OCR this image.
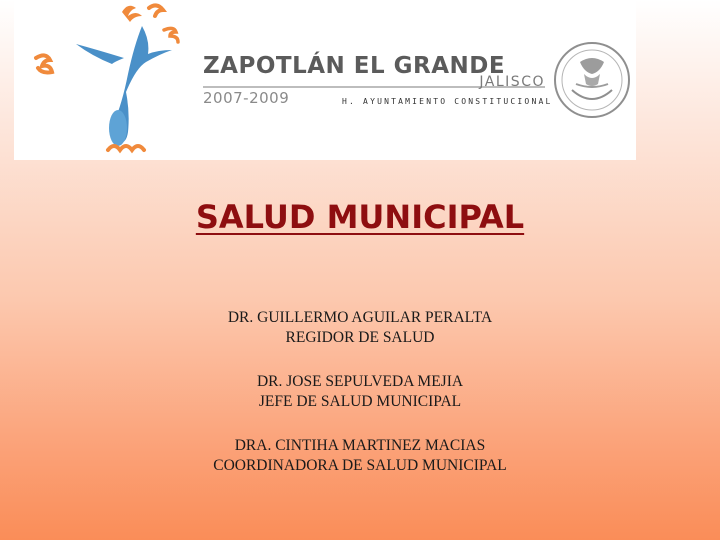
ZAPOTLÁN EL GRANDE
JALISCO
2007-2009	H. AYUNTAMIENTO CONSTITUCIONAL
SALUD MUNICIPAL
DR. GUILLERMO AGUILAR PERALTA
REGIDOR DE SALUD
DR. JOSE SEPULVEDA MEJIA
JEFE DE SALUD MUNICIPAL
DRA. CINTIHA MARTINEZ MACIAS
COORDINADORA DE SALUD MUNICIPAL
